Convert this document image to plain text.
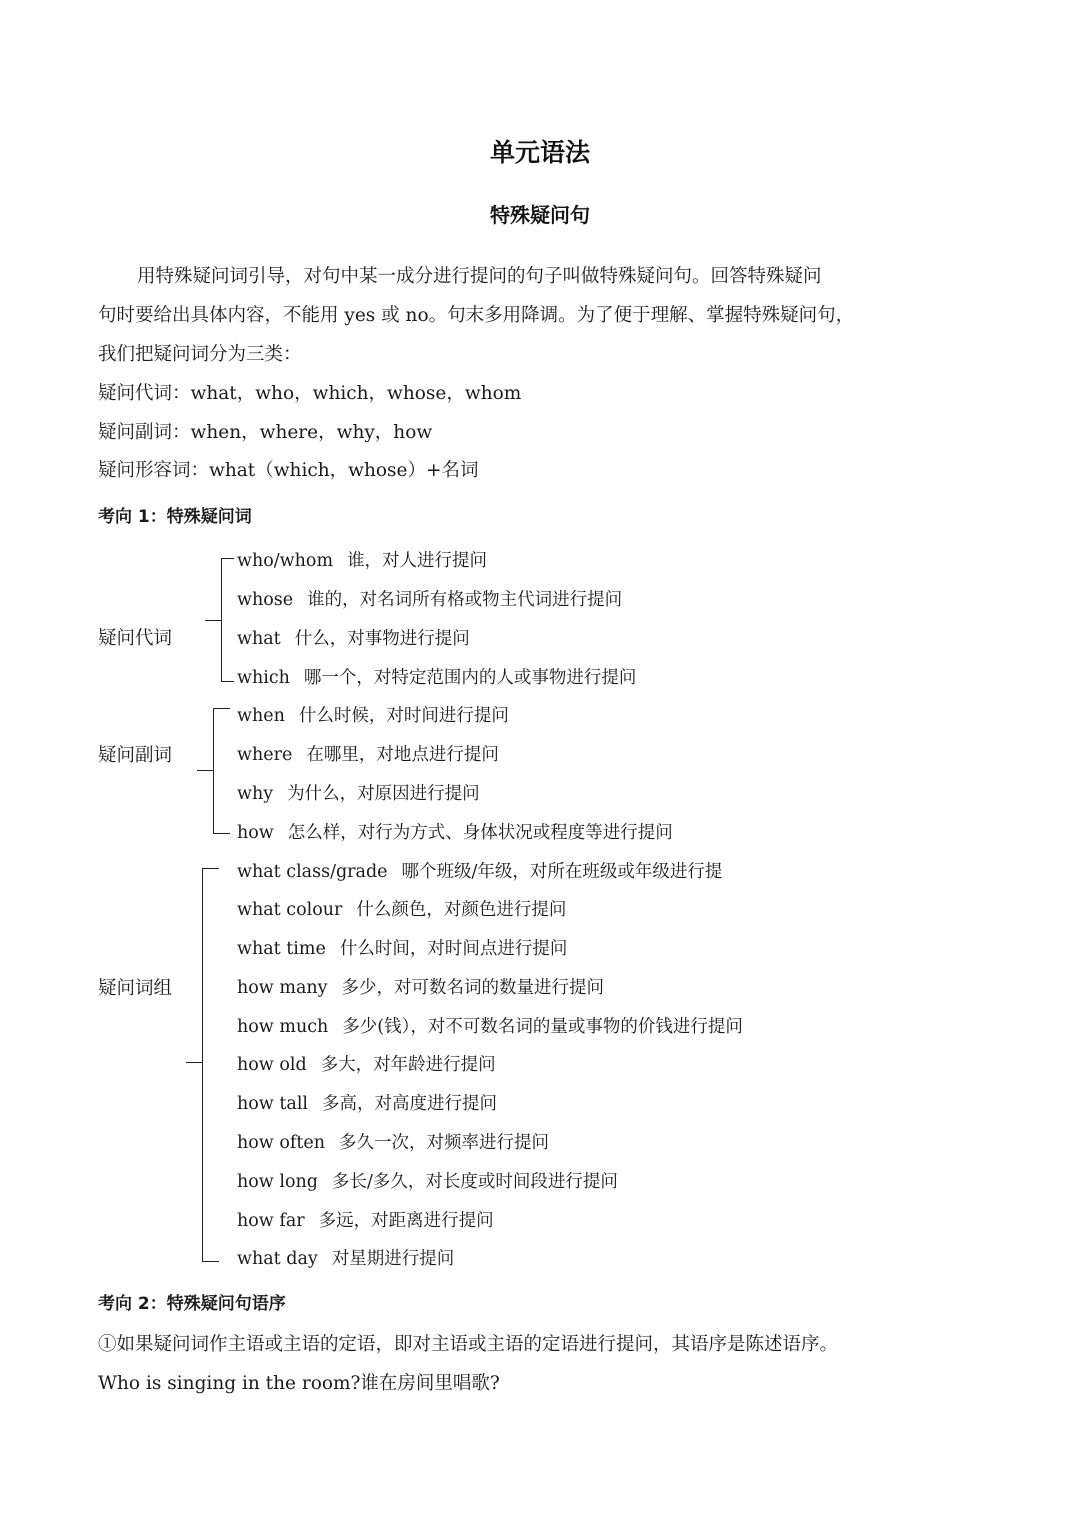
单元语法
特殊疑问句
用特殊疑问词引导，对句中某一成分进行提问的句子叫做特殊疑问句。回答特殊疑问
句时要给出具体内容，不能用 yes 或 no。句末多用降调。为了便于理解、掌握特殊疑问句，
我们把疑问词分为三类：
疑问代词：what，who，which，whose，whom
疑问副词：when，where，why，how
疑问形容词：what（which，whose）+名词
考向 1：特殊疑问词
疑问代词
who/whom 谁，对人进行提问
whose 谁的，对名词所有格或物主代词进行提问
what 什么，对事物进行提问
which 哪一个，对特定范围内的人或事物进行提问
疑问副词
when 什么时候，对时间进行提问
where 在哪里，对地点进行提问
why 为什么，对原因进行提问
how 怎么样，对行为方式、身体状况或程度等进行提问
疑问词组
what class/grade 哪个班级/年级，对所在班级或年级进行提
what colour 什么颜色，对颜色进行提问
what time 什么时间，对时间点进行提问
how many 多少，对可数名词的数量进行提问
how much 多少(钱），对不可数名词的量或事物的价钱进行提问
how old 多大，对年龄进行提问
how tall 多高，对高度进行提问
how often 多久一次，对频率进行提问
how long 多长/多久，对长度或时间段进行提问
how far 多远，对距离进行提问
what day 对星期进行提问
考向 2：特殊疑问句语序
①如果疑问词作主语或主语的定语，即对主语或主语的定语进行提问，其语序是陈述语序。
Who is singing in the room?谁在房间里唱歌?
